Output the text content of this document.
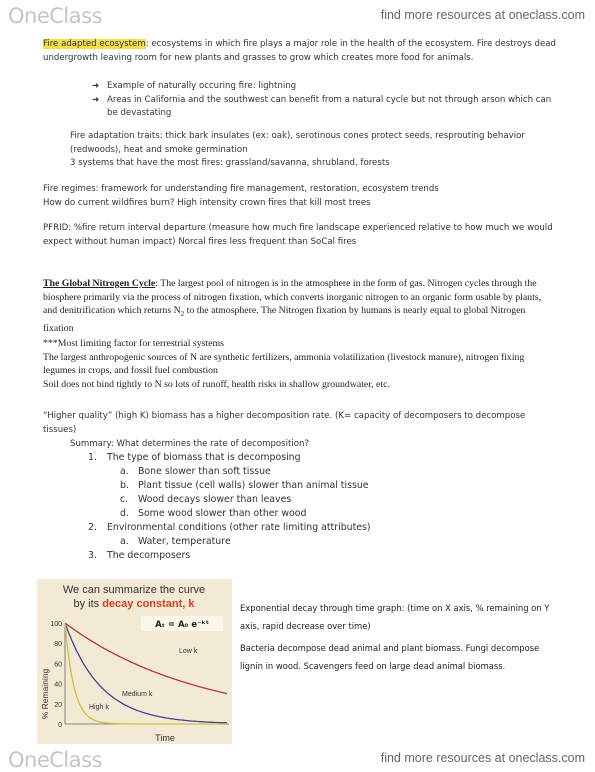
OneClass	find more resources at oneclass.com
Fire adapted ecosystem: ecosystems in which fire plays a major role in the health of the ecosystem. Fire destroys dead undergrowth leaving room for new plants and grasses to grow which creates more food for animals.
➜ Example of naturally occuring fire: lightning
➜ Areas in California and the southwest can benefit from a natural cycle but not through arson which can be devastating
Fire adaptation traits: thick bark insulates (ex: oak), serotinous cones protect seeds, resprouting behavior (redwoods), heat and smoke germination
3 systems that have the most fires: grassland/savanna, shrubland, forests
Fire regimes: framework for understanding fire management, restoration, ecosystem trends
How do current wildfires burn? High intensity crown fires that kill most trees
PFRID: %fire return interval departure (measure how much fire landscape experienced relative to how much we would expect without human impact) Norcal fires less frequent than SoCal fires
The Global Nitrogen Cycle: The largest pool of nitrogen is in the atmosphere in the form of gas. Nitrogen cycles through the biosphere primarily via the process of nitrogen fixation, which converts inorganic nitrogen to an organic form usable by plants, and denitrification which returns $N_2$ to the atmosphere. The Nitrogen fixation by humans is nearly equal to global Nitrogen fixation
***Most limiting factor for terrestrial systems
The largest anthropogenic sources of N are synthetic fertilizers, ammonia volatilization (livestock manure), nitrogen fixing legumes in crops, and fossil fuel combustion
Soil does not bind tightly to N so lots of runoff, health risks in shallow groundwater, etc.
“Higher quality” (high K) biomass has a higher decomposition rate. (K= capacity of decomposers to decompose tissues)
Summary: What determines the rate of decomposition?
1. The type of biomass that is decomposing
a. Bone slower than soft tissue
b. Plant tissue (cell walls) slower than animal tissue
c. Wood decays slower than leaves
d. Some wood slower than other wood
2. Environmental conditions (other rate limiting attributes)
a. Water, temperature
3. The decomposers
We can summarize the curve
by its decay constant, k
Aₜ = A₀ e⁻ᵏᵗ
% Remaining
100
80
60
40
20
0
Low k
Medium k
High k
Time
Exponential decay through time graph: (time on X axis, % remaining on Y axis, rapid decrease over time)
Bacteria decompose dead animal and plant biomass. Fungi decompose lignin in wood. Scavengers feed on large dead animal biomass.
OneClass	find more resources at oneclass.com
